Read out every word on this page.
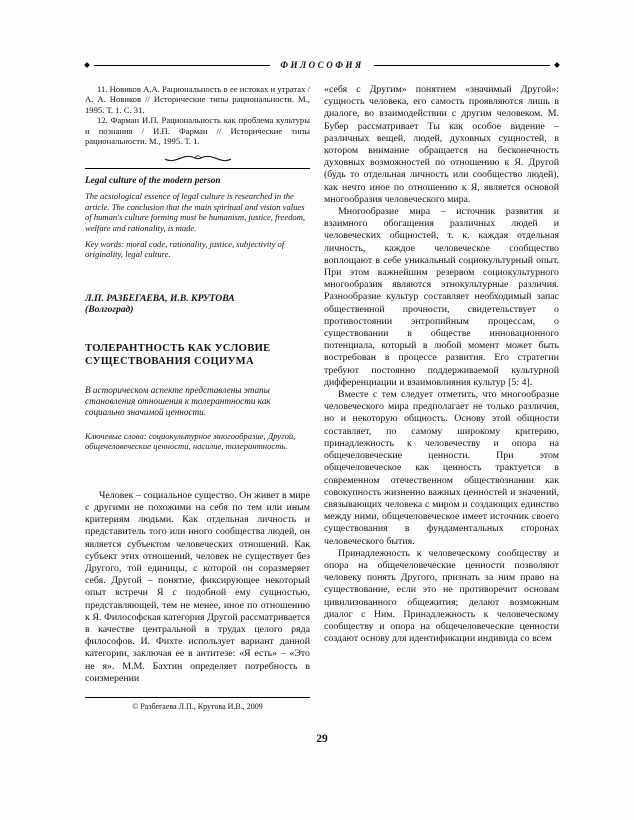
ФИЛОСОФИЯ

11. Новиков А.А. Рациональность в ее истоках и утратах / А. А. Новиков // Исторические типы рациональности. М., 1995. Т. 1. С. 31.

12. Фарман И.П. Рациональность как проблема культуры и познания / И.П. Фарман // Исторические типы рациональности. М., 1995. Т. 1.

Legal culture of the modern person

The acsiological essence of legal culture is researched in the article. The conclusion that the main spiritual and vision values of human's culture forming must be humanism, justice, freedom, welfare and rationality, is made.

Key words: moral code, rationality, justice, subjectivity of originality, legal culture.

Л.П. РАЗБЕГАЕВА, И.В. КРУТОВА
(Волгоград)

ТОЛЕРАНТНОСТЬ КАК УСЛОВИЕ СУЩЕСТВОВАНИЯ СОЦИУМА

В историческом аспекте представлены этапы становления отношения к толерантности как социально значимой ценности.

Ключевые слова: социокультурное многообразие, Другой, общечеловеческие ценности, насилие, толерантность.

Человек – социальное существо. Он живет в мире с другими не похожими на себя по тем или иным критериям людьми. Как отдельная личность и представитель того или иного сообщества людей, он является субъектом человеческих отношений. Как субъект этих отношений, человек не существует без Другого, той единицы, с которой он соразмеряет себя. Другой – понятие, фиксирующее некоторый опыт встречи Я с подобной ему сущностью, представляющей, тем не менее, иное по отношению к Я. Философская категория Другой рассматривается в качестве центральной в трудах целого ряда философов. И. Фихте использует вариант данной категории, заключая ее в антитезе: «Я есть» – «Это не я». М.М. Бахтин определяет потребность в соизмерении

© Разбегаева Л.П., Крутова И.В., 2009

«себя с Другим» понятием «значимый Другой»: сущность человека, его самость проявляются лишь в диалоге, во взаимодействии с другим человеком. М. Бубер рассматривает Ты как особое видение – различных вещей, людей, духовных сущностей, в котором внимание обращается на бесконечность духовных возможностей по отношению к Я. Другой (будь то отдельная личность или сообщество людей), как нечто иное по отношению к Я, является основой многообразия человеческого мира.

Многообразие мира – источник развития и взаимного обогащения различных людей и человеческих общностей, т. к. каждая отдельная личность, каждое человеческое сообщество воплощают в себе уникальный социокультурный опыт. При этом важнейшим резервом социокультурного многообразия являются этнокультурные различия. Разнообразие культур составляет необходимый запас общественной прочности, свидетельствует о противостоянии энтропийным процессам, о существовании в обществе инновационного потенциала, который в любой момент может быть востребован в процессе развития. Его стратегии требуют постоянно поддерживаемой культурной дифференциации и взаимовлияния культур [5: 4].

Вместе с тем следует отметить, что многообразие человеческого мира предполагает не только различия, но и некоторую общность. Основу этой общности составляет, по самому широкому критерию, принадлежность к человечеству и опора на общечеловеческие ценности. При этом общечеловеческое как ценность трактуется в современном отечественном обществознании как совокупность жизненно важных ценностей и значений, связывающих человека с миром и создающих единство между ними, общечеловеческое имеет источник своего существования в фундаментальных сторонах человеческого бытия.

Принадлежность к человеческому сообществу и опора на общечеловеческие ценности позволяют человеку понять Другого, признать за ним право на существование, если это не противоречит основам цивилизованного общежития; делают возможным диалог с Ним. Принадлежность к человеческому сообществу и опора на общечеловеческие ценности создают основу для идентификации индивида со всем

29
